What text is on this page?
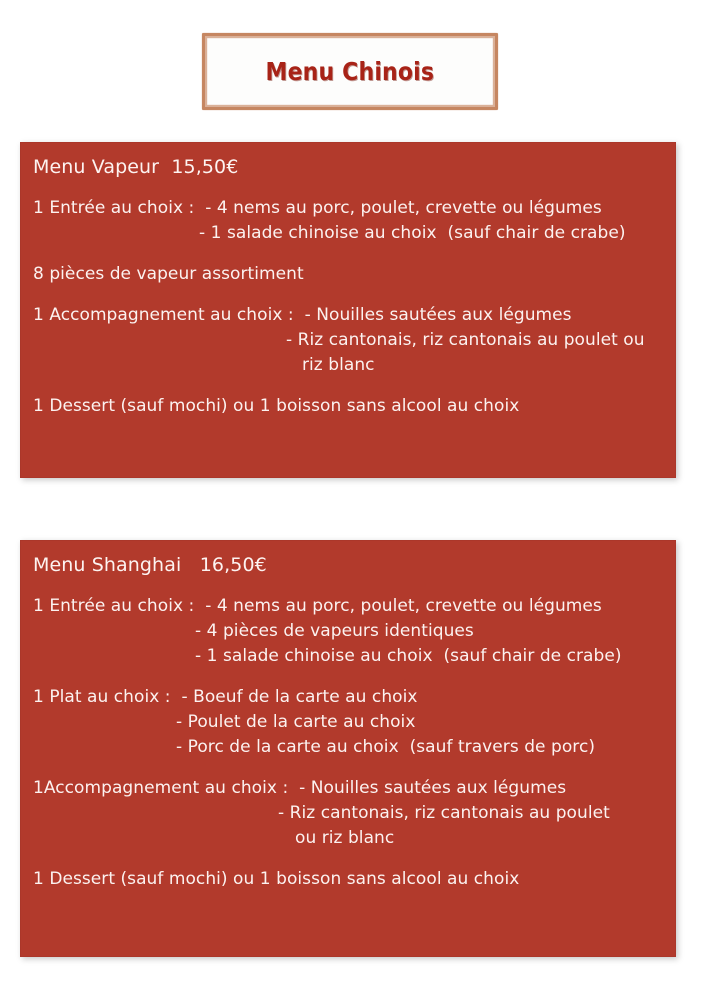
Menu Chinois
Menu Vapeur  15,50€

1 Entrée au choix :  - 4 nems au porc, poulet, crevette ou légumes

- 1 salade chinoise au choix  (sauf chair de crabe)

8 pièces de vapeur assortiment

1 Accompagnement au choix :  - Nouilles sautées aux légumes

- Riz cantonais, riz cantonais au poulet ou

riz blanc

1 Dessert (sauf mochi) ou 1 boisson sans alcool au choix

Menu Shanghai   16,50€

1 Entrée au choix :  - 4 nems au porc, poulet, crevette ou légumes

- 4 pièces de vapeurs identiques

- 1 salade chinoise au choix  (sauf chair de crabe)

1 Plat au choix :  - Boeuf de la carte au choix

- Poulet de la carte au choix

- Porc de la carte au choix  (sauf travers de porc)

1Accompagnement au choix :  - Nouilles sautées aux légumes

- Riz cantonais, riz cantonais au poulet

ou riz blanc

1 Dessert (sauf mochi) ou 1 boisson sans alcool au choix
